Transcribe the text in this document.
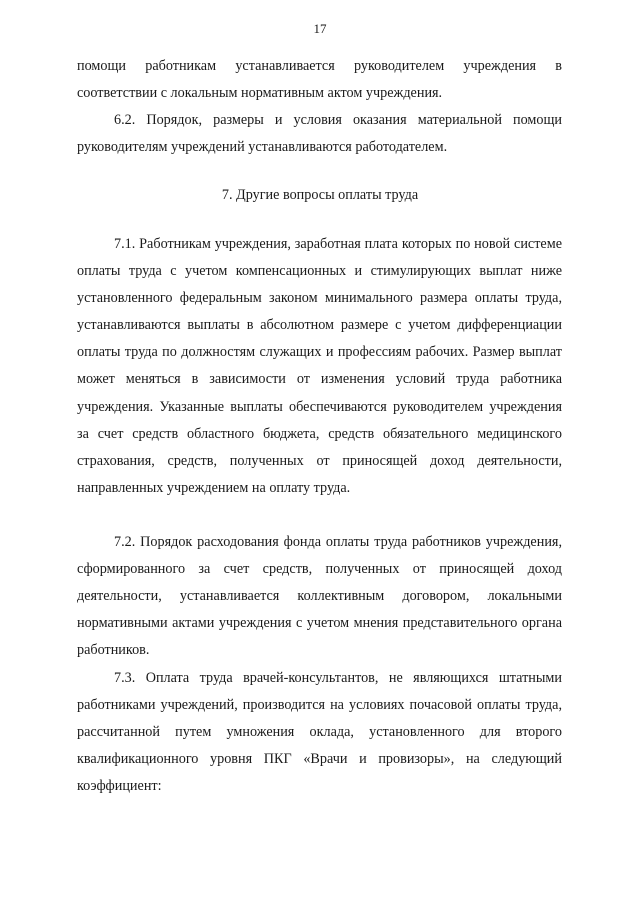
17

помощи работникам устанавливается руководителем учреждения в соответствии с локальным нормативным актом учреждения.

6.2. Порядок, размеры и условия оказания материальной помощи руководителям учреждений устанавливаются работодателем.

7. Другие вопросы оплаты труда

7.1. Работникам учреждения, заработная плата которых по новой системе оплаты труда с учетом компенсационных и стимулирующих выплат ниже установленного федеральным законом минимального размера оплаты труда, устанавливаются выплаты в абсолютном размере с учетом дифференциации оплаты труда по должностям служащих и профессиям рабочих. Размер выплат может меняться в зависимости от изменения условий труда работника учреждения. Указанные выплаты обеспечиваются руководителем учреждения за счет средств областного бюджета, средств обязательного медицинского страхования, средств, полученных от приносящей доход деятельности, направленных учреждением на оплату труда.

7.2. Порядок расходования фонда оплаты труда работников учреждения, сформированного за счет средств, полученных от приносящей доход деятельности, устанавливается коллективным договором, локальными нормативными актами учреждения с учетом мнения представительного органа работников.

7.3. Оплата труда врачей-консультантов, не являющихся штатными работниками учреждений, производится на условиях почасовой оплаты труда, рассчитанной путем умножения оклада, установленного для второго квалификационного уровня ПКГ «Врачи и провизоры», на следующий коэффициент:
